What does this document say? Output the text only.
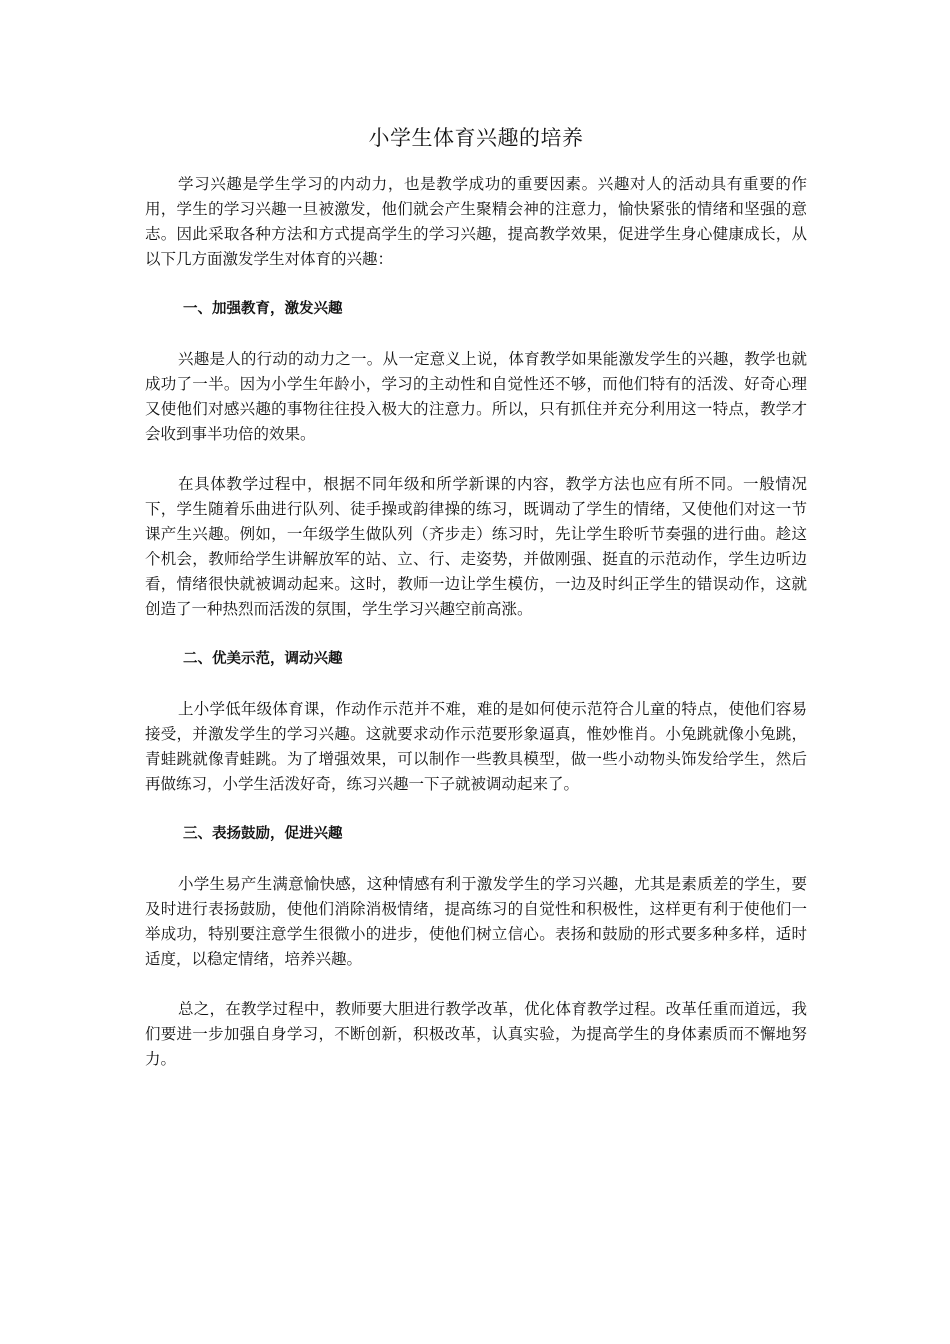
小学生体育兴趣的培养

学习兴趣是学生学习的内动力，也是教学成功的重要因素。兴趣对人的活动具有重要的作用，学生的学习兴趣一旦被激发，他们就会产生聚精会神的注意力，愉快紧张的情绪和坚强的意志。因此采取各种方法和方式提高学生的学习兴趣，提高教学效果，促进学生身心健康成长，从以下几方面激发学生对体育的兴趣：

一、加强教育，激发兴趣

兴趣是人的行动的动力之一。从一定意义上说，体育教学如果能激发学生的兴趣，教学也就成功了一半。因为小学生年龄小，学习的主动性和自觉性还不够，而他们特有的活泼、好奇心理又使他们对感兴趣的事物往往投入极大的注意力。所以，只有抓住并充分利用这一特点，教学才会收到事半功倍的效果。

在具体教学过程中，根据不同年级和所学新课的内容，教学方法也应有所不同。一般情况下，学生随着乐曲进行队列、徒手操或韵律操的练习，既调动了学生的情绪，又使他们对这一节课产生兴趣。例如，一年级学生做队列（齐步走）练习时，先让学生聆听节奏强的进行曲。趁这个机会，教师给学生讲解放军的站、立、行、走姿势，并做刚强、挺直的示范动作，学生边听边看，情绪很快就被调动起来。这时，教师一边让学生模仿，一边及时纠正学生的错误动作，这就创造了一种热烈而活泼的氛围，学生学习兴趣空前高涨。

二、优美示范，调动兴趣

上小学低年级体育课，作动作示范并不难，难的是如何使示范符合儿童的特点，使他们容易接受，并激发学生的学习兴趣。这就要求动作示范要形象逼真，惟妙惟肖。小兔跳就像小兔跳，青蛙跳就像青蛙跳。为了增强效果，可以制作一些教具模型，做一些小动物头饰发给学生，然后再做练习，小学生活泼好奇，练习兴趣一下子就被调动起来了。

三、表扬鼓励，促进兴趣

小学生易产生满意愉快感，这种情感有利于激发学生的学习兴趣，尤其是素质差的学生，要及时进行表扬鼓励，使他们消除消极情绪，提高练习的自觉性和积极性，这样更有利于使他们一举成功，特别要注意学生很微小的进步，使他们树立信心。表扬和鼓励的形式要多种多样，适时适度，以稳定情绪，培养兴趣。

总之，在教学过程中，教师要大胆进行教学改革，优化体育教学过程。改革任重而道远，我们要进一步加强自身学习，不断创新，积极改革，认真实验，为提高学生的身体素质而不懈地努力。
